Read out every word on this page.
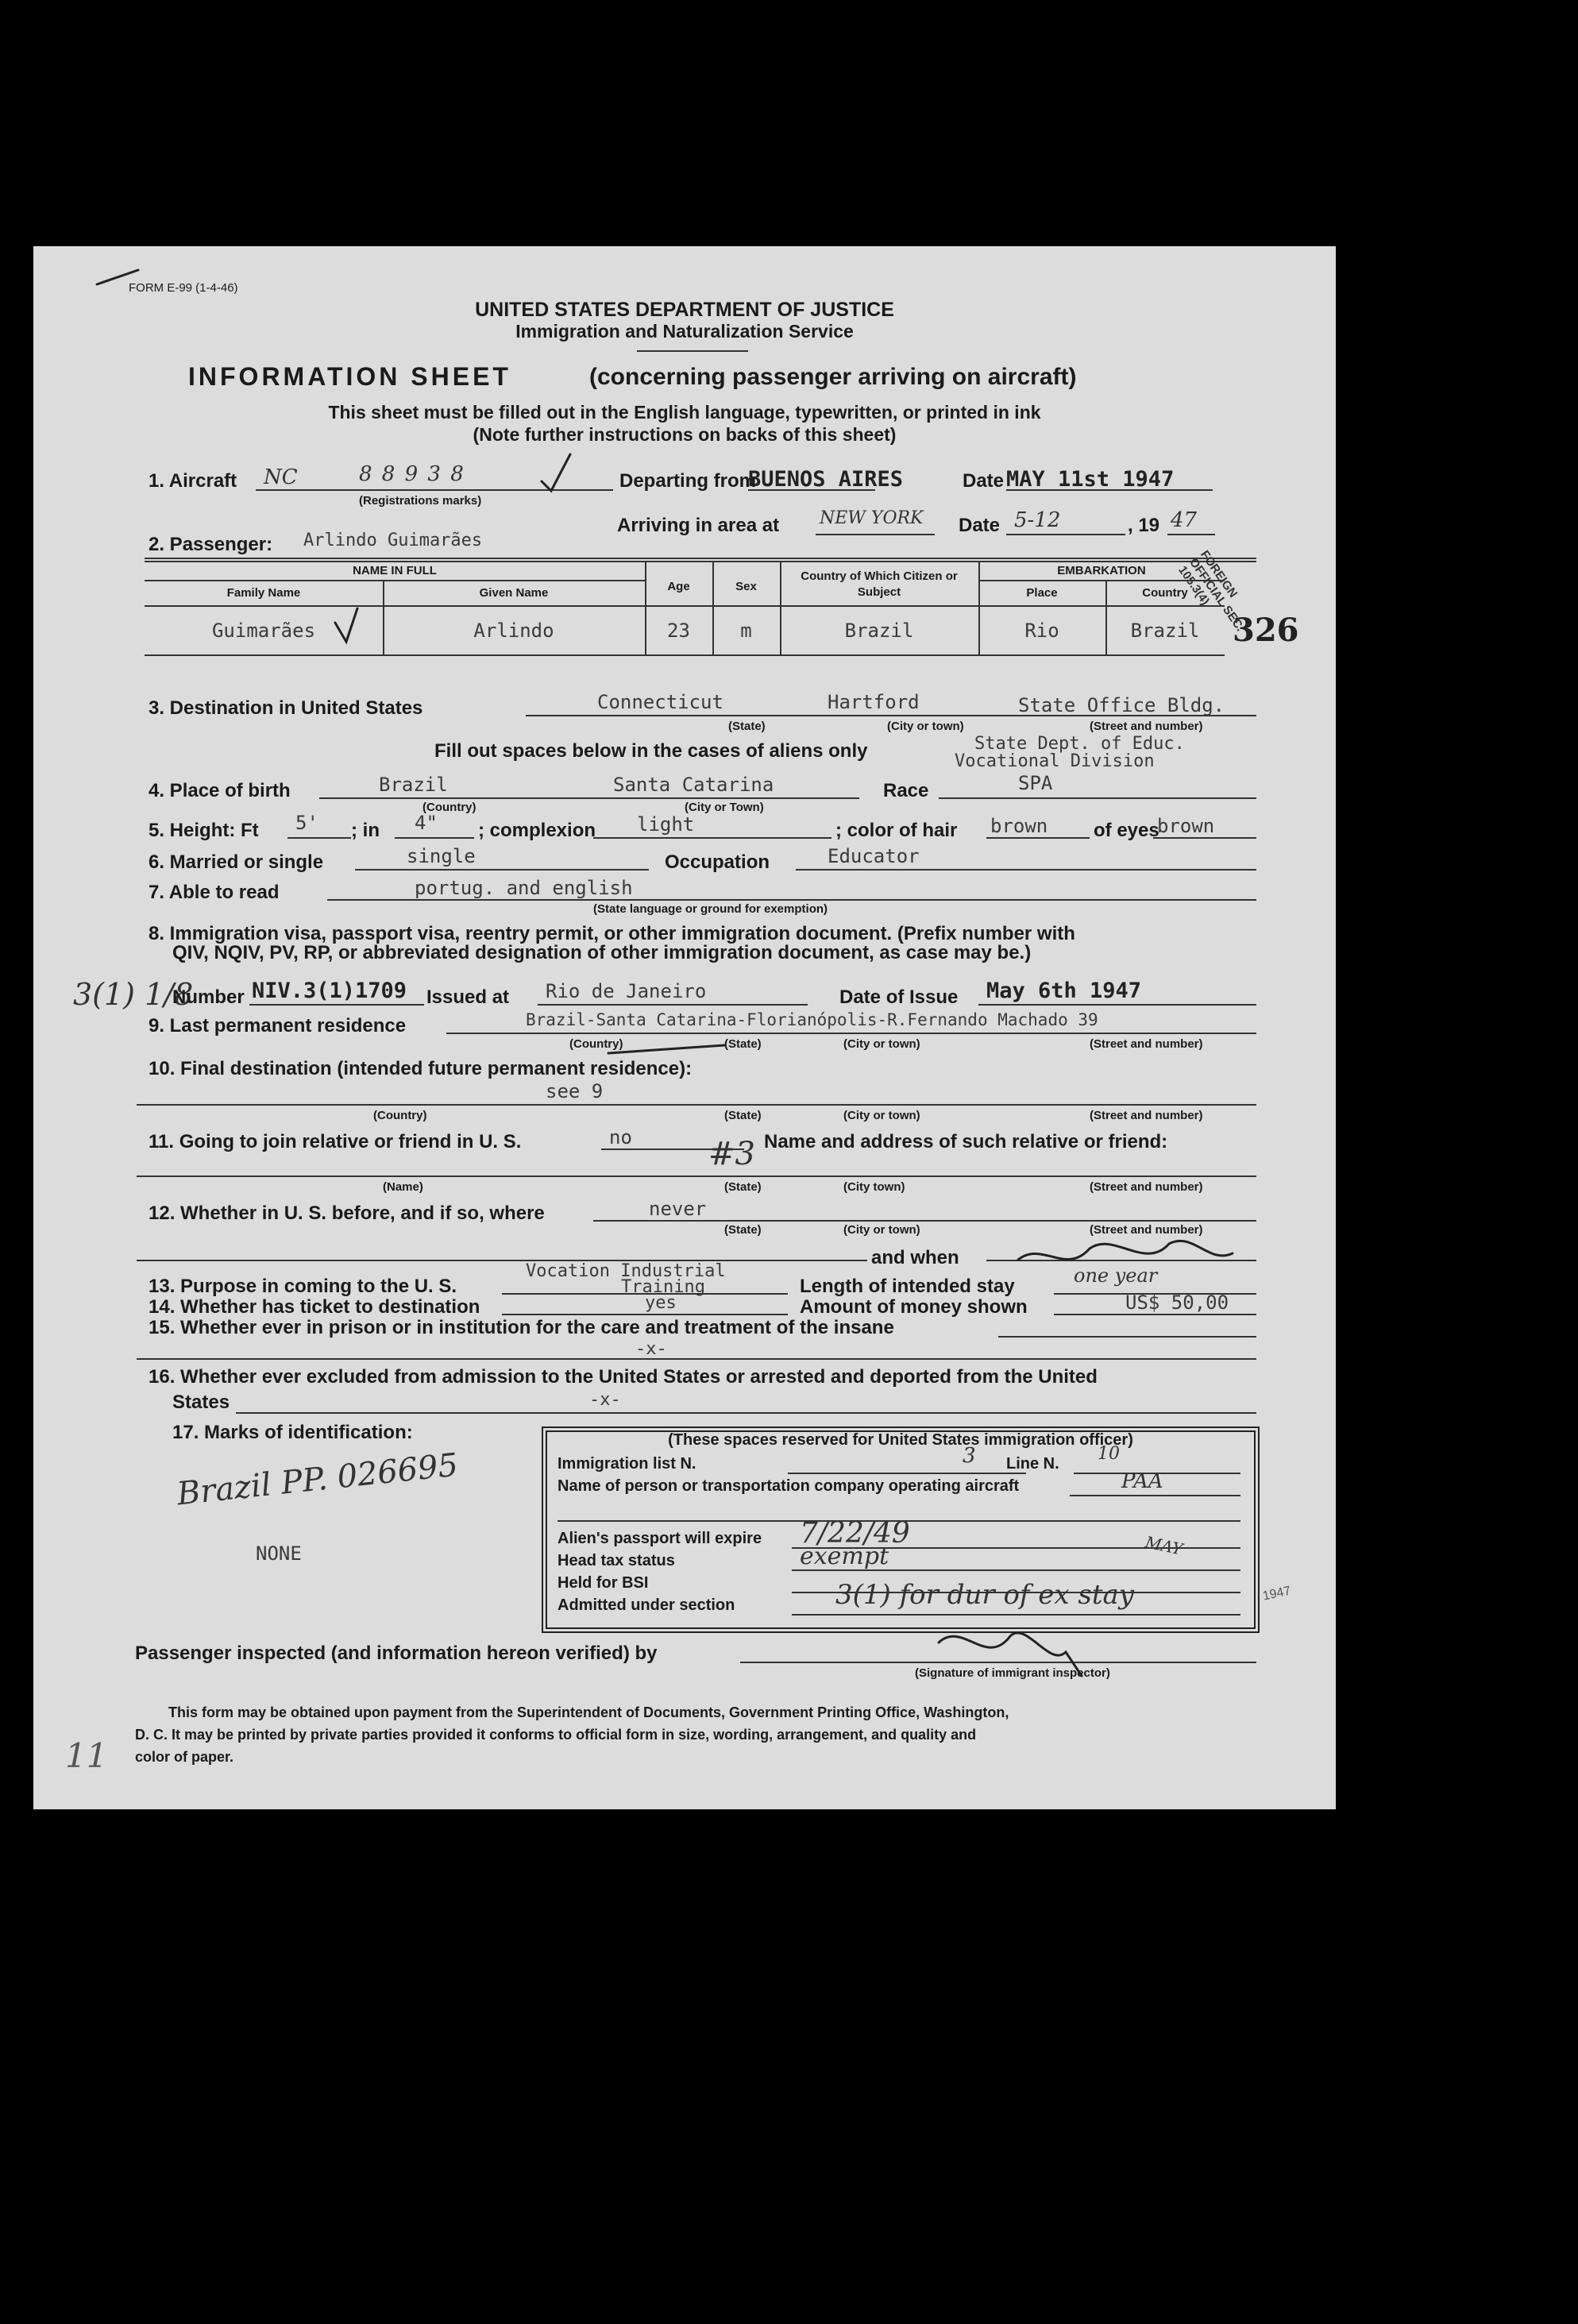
FORM E-99 (1-4-46)
UNITED STATES DEPARTMENT OF JUSTICE
Immigration and Naturalization Service
INFORMATION SHEET	(concerning passenger arriving on aircraft)
This sheet must be filled out in the English language, typewritten, or printed in ink
(Note further instructions on backs of this sheet)
1. Aircraft NC	8 8 9 3 8
(Registrations marks)
Departing from
BUENOS AIRES	Date MAY 11st 1947
Arriving in area at NEW YORK Date 5-12	, 19 47
2. Passenger: Arlindo Guimarães
NAME IN FULL
Family Name	Given Name	Age	Sex
Country of Which Citizen or Subject
EMBARKATION
Place	Country
Guimarães	Arlindo	23	m	Brazil	Rio	Brazil	326
FOREIGN OFFICIAL SEC. 105.3(4)
3. Destination in United States	Connecticut	Hartford	State Office Bldg.
(State)	(City or town)	(Street and number)
State Dept. of Educ.
Vocational Division
Fill out spaces below in the cases of aliens only
4. Place of birth	Brazil	Santa Catarina
(Country)	(City or Town)
Race	SPA
5. Height: Ft 5' ; in 4" ; complexion light	; color of hair brown of eyes
brown
6. Married or single	single	Occupation	Educator
7. Able to read	portug. and english
(State language or ground for exemption)
8. Immigration visa, passport visa, reentry permit, or other immigration document. (Prefix number with
QIV, NQIV, PV, RP, or abbreviated designation of other immigration document, as case may be.)
3(1) 1/8
Number NIV.3(1)1709 Issued at Rio de Janeiro	Date of Issue May 6th 1947
9. Last permanent residence	Brazil-Santa Catarina-Florianópolis-R.Fernando Machado 39
(Country)	(State)	(City or town)	(Street and number)
10. Final destination (intended future permanent residence):
see 9
(Country)	(State)	(City or town)	(Street and number)
11. Going to join relative or friend in U. S.	no #3 Name and address of such relative or friend:
(Name)	(State)	(City town)	(Street and number)
12. Whether in U. S. before, and if so, where	never
(State)	(City or town)	(Street and number)
and when
13. Purpose in coming to the U. S.
Vocation Industrial
Training	Length of intended stay	one year
14. Whether has ticket to destination	yes	Amount of money shown	US$ 50,00
15. Whether ever in prison or in institution for the care and treatment of the insane
-x-
16. Whether ever excluded from admission to the United States or arrested and deported from the United
States	-x-
17. Marks of identification:
Brazil PP. 026695
NONE
(These spaces reserved for United States immigration officer)
Immigration list N.	3 Line N. 10
Name of person or transportation company operating aircraft	PAA
Alien's passport will expire 7/22/49	MAY
Head tax status	exempt
Held for BSI
Admitted under section	3(1) for dur of ex stay	1947
Passenger inspected (and information hereon verified) by
(Signature of immigrant inspector)
This form may be obtained upon payment from the Superintendent of Documents, Government Printing Office, Washington,
D. C. It may be printed by private parties provided it conforms to official form in size, wording, arrangement, and quality and
color of paper.
11
